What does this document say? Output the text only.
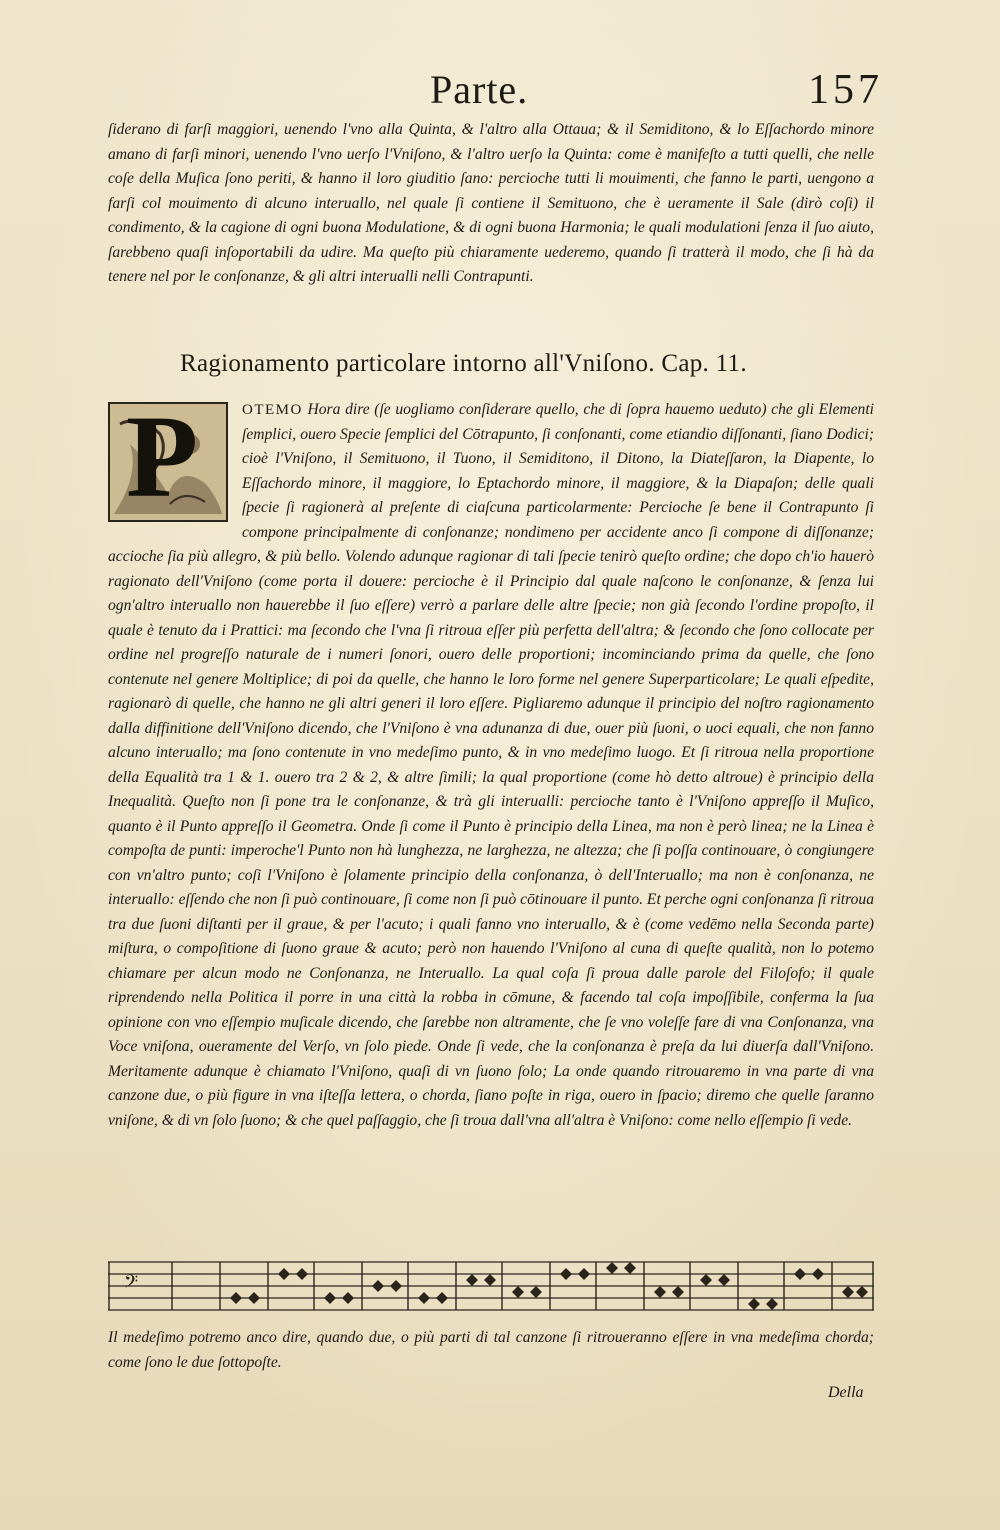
Parte.	157

ſiderano di farſi maggiori, uenendo l'vno alla Quinta, & l'altro alla Ottaua; & il Semiditono, & lo Eſſachordo minore amano di farſi minori, uenendo l'vno uerſo l'Vniſono, & l'altro uerſo la Quinta: come è manifeſto a tutti quelli, che nelle coſe della Muſica ſono periti, & hanno il loro giuditio ſano: percioche tutti li mouimenti, che fanno le parti, uengono a farſi col mouimento di alcuno interuallo, nel quale ſi contiene il Semituono, che è ueramente il Sale (dirò coſi) il condimento, & la cagione di ogni buona Modulatione, & di ogni buona Harmonia; le quali modulationi ſenza il ſuo aiuto, ſarebbeno quaſi inſoportabili da udire. Ma queſto più chiaramente uederemo, quando ſi tratterà il modo, che ſi hà da tenere nel por le conſonanze, & gli altri interualli nelli Contrapunti.

Ragionamento particolare intorno all'Vniſono. Cap. 11.
P	OTEMO Hora dire (ſe uogliamo conſiderare quello, che di ſopra hauemo ueduto) che gli Elementi ſemplici, ouero Specie ſemplici del Cōtrapunto, ſi conſonanti, come etiandio diſſonanti, ſiano Dodici; cioè l'Vniſono, il Semituono, il Tuono, il Semiditono, il Ditono, la Diateſſaron, la Diapente, lo Eſſachordo minore, il maggiore, lo Eptachordo minore, il maggiore, & la Diapaſon; delle quali ſpecie ſi ragionerà al preſente di ciaſcuna particolarmente: Percioche ſe bene il Contrapunto ſi compone principalmente di conſonanze; nondimeno per accidente anco ſi compone di diſſonanze; accioche ſia più allegro, & più bello. Volendo adunque ragionar di tali ſpecie tenirò queſto ordine; che dopo ch'io hauerò ragionato dell'Vniſono (come porta il douere: percioche è il Principio dal quale naſcono le conſonanze, & ſenza lui ogn'altro interuallo non hauerebbe il ſuo eſſere) verrò a parlare delle altre ſpecie; non già ſecondo l'ordine propoſto, il quale è tenuto da i Prattici: ma ſecondo che l'vna ſi ritroua eſſer più perfetta dell'altra; & ſecondo che ſono collocate per ordine nel progreſſo naturale de i numeri ſonori, ouero delle proportioni; incominciando prima da quelle, che ſono contenute nel genere Moltiplice; di poi da quelle, che hanno le loro forme nel genere Superparticolare; Le quali eſpedite, ragionarò di quelle, che hanno ne gli altri generi il loro eſſere. Pigliaremo adunque il principio del noſtro ragionamento dalla diffinitione dell'Vniſono dicendo, che l'Vniſono è vna adunanza di due, ouer più ſuoni, o uoci equali, che non fanno alcuno interuallo; ma ſono contenute in vno medeſimo punto, & in vno medeſimo luogo. Et ſi ritroua nella proportione della Equalità tra 1 & 1. ouero tra 2 & 2, & altre ſimili; la qual proportione (come hò detto altroue) è principio della Inequalità. Queſto non ſi pone tra le conſonanze, & trà gli interualli: percioche tanto è l'Vniſono appreſſo il Muſico, quanto è il Punto appreſſo il Geometra. Onde ſi come il Punto è principio della Linea, ma non è però linea; ne la Linea è compoſta de punti: imperoche'l Punto non hà lunghezza, ne larghezza, ne altezza; che ſi poſſa continouare, ò congiungere con vn'altro punto; coſi l'Vniſono è ſolamente principio della conſonanza, ò dell'Interuallo; ma non è conſonanza, ne interuallo: eſſendo che non ſi può continouare, ſi come non ſi può cōtinouare il punto. Et perche ogni conſonanza ſi ritroua tra due ſuoni diſtanti per il graue, & per l'acuto; i quali fanno vno interuallo, & è (come vedēmo nella Seconda parte) miſtura, o compoſitione di ſuono graue & acuto; però non hauendo l'Vniſono al cuna di queſte qualità, non lo potemo chiamare per alcun modo ne Conſonanza, ne Interuallo. La qual coſa ſi proua dalle parole del Filoſofo; il quale riprendendo nella Politica il porre in una città la robba in cōmune, & facendo tal coſa impoſſibile, conferma la ſua opinione con vno eſſempio muſicale dicendo, che ſarebbe non altramente, che ſe vno voleſſe fare di vna Conſonanza, vna Voce vniſona, oueramente del Verſo, vn ſolo piede. Onde ſi vede, che la conſonanza è preſa da lui diuerſa dall'Vniſono. Meritamente adunque è chiamato l'Vniſono, quaſi di vn ſuono ſolo; La onde quando ritrouaremo in vna parte di vna canzone due, o più figure in vna iſteſſa lettera, o chorda, ſiano poſte in riga, ouero in ſpacio; diremo che quelle ſaranno vniſone, & di vn ſolo ſuono; & che quel paſſaggio, che ſi troua dall'vna all'altra è Vniſono: come nello eſſempio ſi vede.

𝄢

Il medeſimo potremo anco dire, quando due, o più parti di tal canzone ſi ritroueranno eſſere in vna medeſima chorda; come ſono le due ſottopoſte.

Della
